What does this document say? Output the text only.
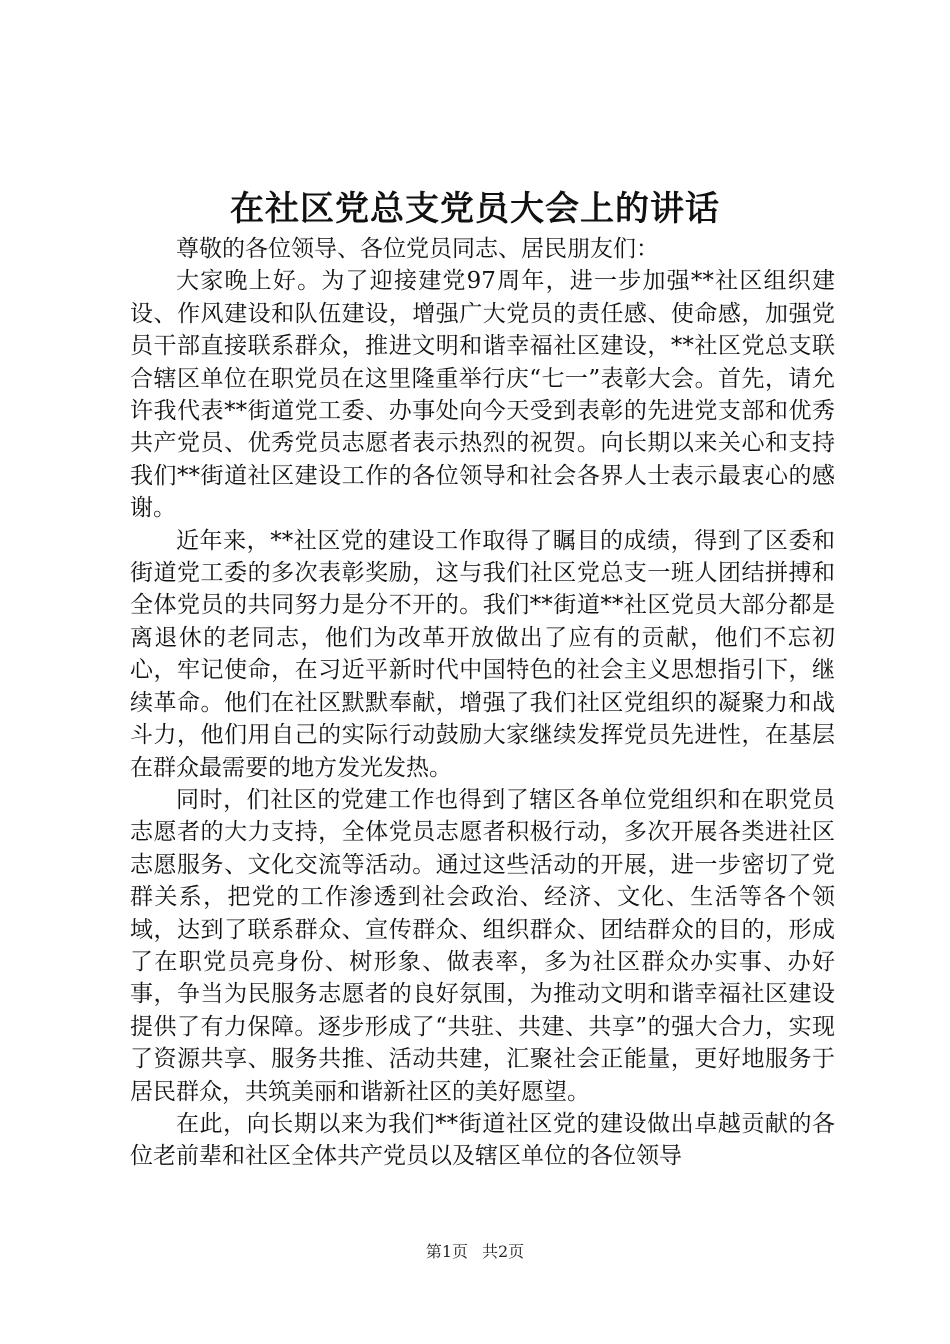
在社区党总支党员大会上的讲话

尊敬的各位领导、各位党员同志、居民朋友们：

大家晚上好。为了迎接建党97周年，进一步加强**社区组织建设、作风建设和队伍建设，增强广大党员的责任感、使命感，加强党员干部直接联系群众，推进文明和谐幸福社区建设，**社区党总支联合辖区单位在职党员在这里隆重举行庆“七一”表彰大会。首先，请允许我代表**街道党工委、办事处向今天受到表彰的先进党支部和优秀共产党员、优秀党员志愿者表示热烈的祝贺。向长期以来关心和支持我们**街道社区建设工作的各位领导和社会各界人士表示最衷心的感谢。

近年来，**社区党的建设工作取得了瞩目的成绩，得到了区委和街道党工委的多次表彰奖励，这与我们社区党总支一班人团结拼搏和全体党员的共同努力是分不开的。我们**街道**社区党员大部分都是离退休的老同志，他们为改革开放做出了应有的贡献，他们不忘初心，牢记使命，在习近平新时代中国特色的社会主义思想指引下，继续革命。他们在社区默默奉献，增强了我们社区党组织的凝聚力和战斗力，他们用自己的实际行动鼓励大家继续发挥党员先进性，在基层在群众最需要的地方发光发热。

同时，们社区的党建工作也得到了辖区各单位党组织和在职党员志愿者的大力支持，全体党员志愿者积极行动，多次开展各类进社区志愿服务、文化交流等活动。通过这些活动的开展，进一步密切了党群关系，把党的工作渗透到社会政治、经济、文化、生活等各个领域，达到了联系群众、宣传群众、组织群众、团结群众的目的，形成了在职党员亮身份、树形象、做表率，多为社区群众办实事、办好事，争当为民服务志愿者的良好氛围，为推动文明和谐幸福社区建设提供了有力保障。逐步形成了“共驻、共建、共享”的强大合力，实现了资源共享、服务共推、活动共建，汇聚社会正能量，更好地服务于居民群众，共筑美丽和谐新社区的美好愿望。

在此，向长期以来为我们**街道社区党的建设做出卓越贡献的各位老前辈和社区全体共产党员以及辖区单位的各位领导

第1页 共2页
